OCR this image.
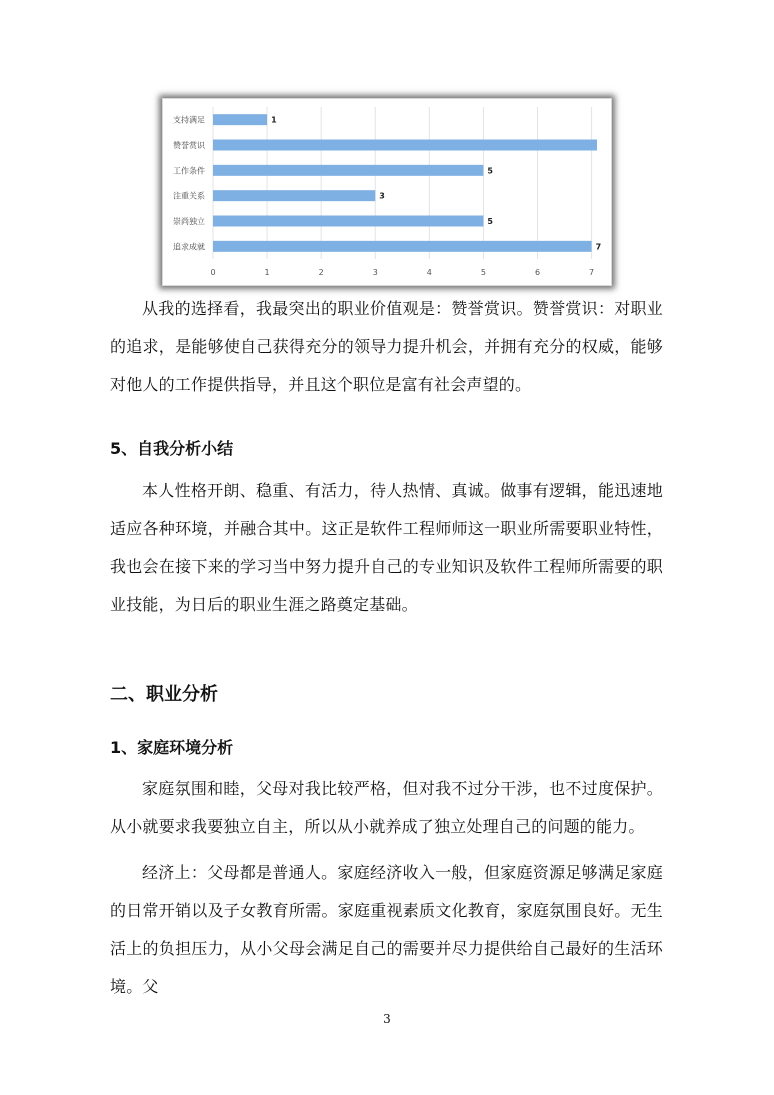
0	1	2	3	4	5	6	7
支持满足	1
赞誉赏识
工作条件	5
注重关系	3
崇尚独立	5
追求成就	7

从我的选择看，我最突出的职业价值观是：赞誉赏识。赞誉赏识：对职业的追求，是能够使自己获得充分的领导力提升机会，并拥有充分的权威，能够对他人的工作提供指导，并且这个职位是富有社会声望的。

5、自我分析小结

本人性格开朗、稳重、有活力，待人热情、真诚。做事有逻辑，能迅速地适应各种环境，并融合其中。这正是软件工程师师这一职业所需要职业特性，我也会在接下来的学习当中努力提升自己的专业知识及软件工程师所需要的职业技能，为日后的职业生涯之路奠定基础。

二、职业分析
1、家庭环境分析

家庭氛围和睦，父母对我比较严格，但对我不过分干涉，也不过度保护。从小就要求我要独立自主，所以从小就养成了独立处理自己的问题的能力。

经济上：父母都是普通人。家庭经济收入一般，但家庭资源足够满足家庭的日常开销以及子女教育所需。家庭重视素质文化教育，家庭氛围良好。无生活上的负担压力，从小父母会满足自己的需要并尽力提供给自己最好的生活环境。父

3
